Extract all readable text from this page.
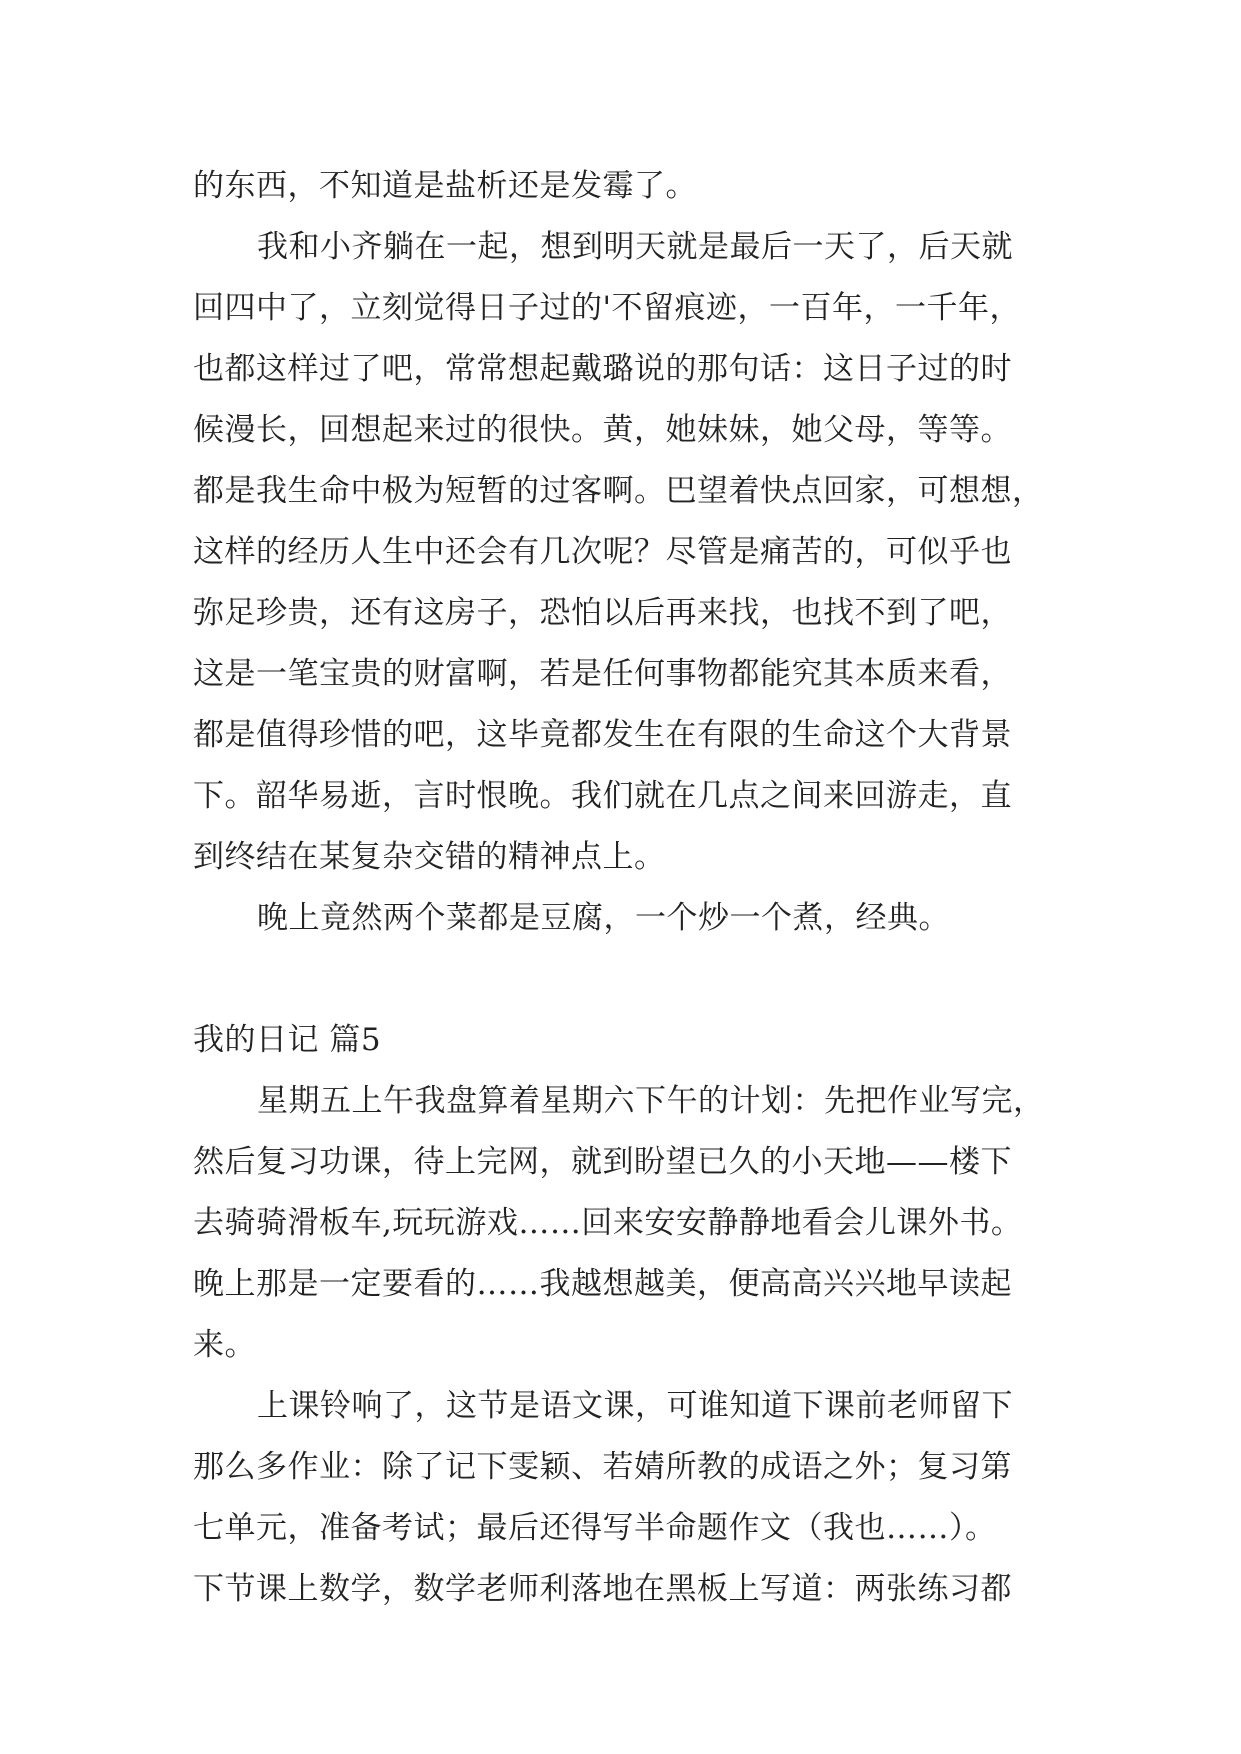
的东西，不知道是盐析还是发霉了。
我和小齐躺在一起，想到明天就是最后一天了，后天就
回四中了，立刻觉得日子过的'不留痕迹，一百年，一千年，
也都这样过了吧，常常想起戴璐说的那句话：这日子过的时
候漫长，回想起来过的很快。黄，她妹妹，她父母，等等。
都是我生命中极为短暂的过客啊。巴望着快点回家，可想想，
这样的经历人生中还会有几次呢？尽管是痛苦的，可似乎也
弥足珍贵，还有这房子，恐怕以后再来找，也找不到了吧，
这是一笔宝贵的财富啊，若是任何事物都能究其本质来看，
都是值得珍惜的吧，这毕竟都发生在有限的生命这个大背景
下。韶华易逝，言时恨晚。我们就在几点之间来回游走，直
到终结在某复杂交错的精神点上。
晚上竟然两个菜都是豆腐，一个炒一个煮，经典。
我的日记 篇5
星期五上午我盘算着星期六下午的计划：先把作业写完，
然后复习功课，待上完网，就到盼望已久的小天地——楼下
去骑骑滑板车,玩玩游戏……回来安安静静地看会儿课外书。
晚上那是一定要看的……我越想越美，便高高兴兴地早读起
来。
上课铃响了，这节是语文课，可谁知道下课前老师留下
那么多作业：除了记下雯颖、若婧所教的成语之外；复习第
七单元，准备考试；最后还得写半命题作文（我也……）。
下节课上数学，数学老师利落地在黑板上写道：两张练习都
